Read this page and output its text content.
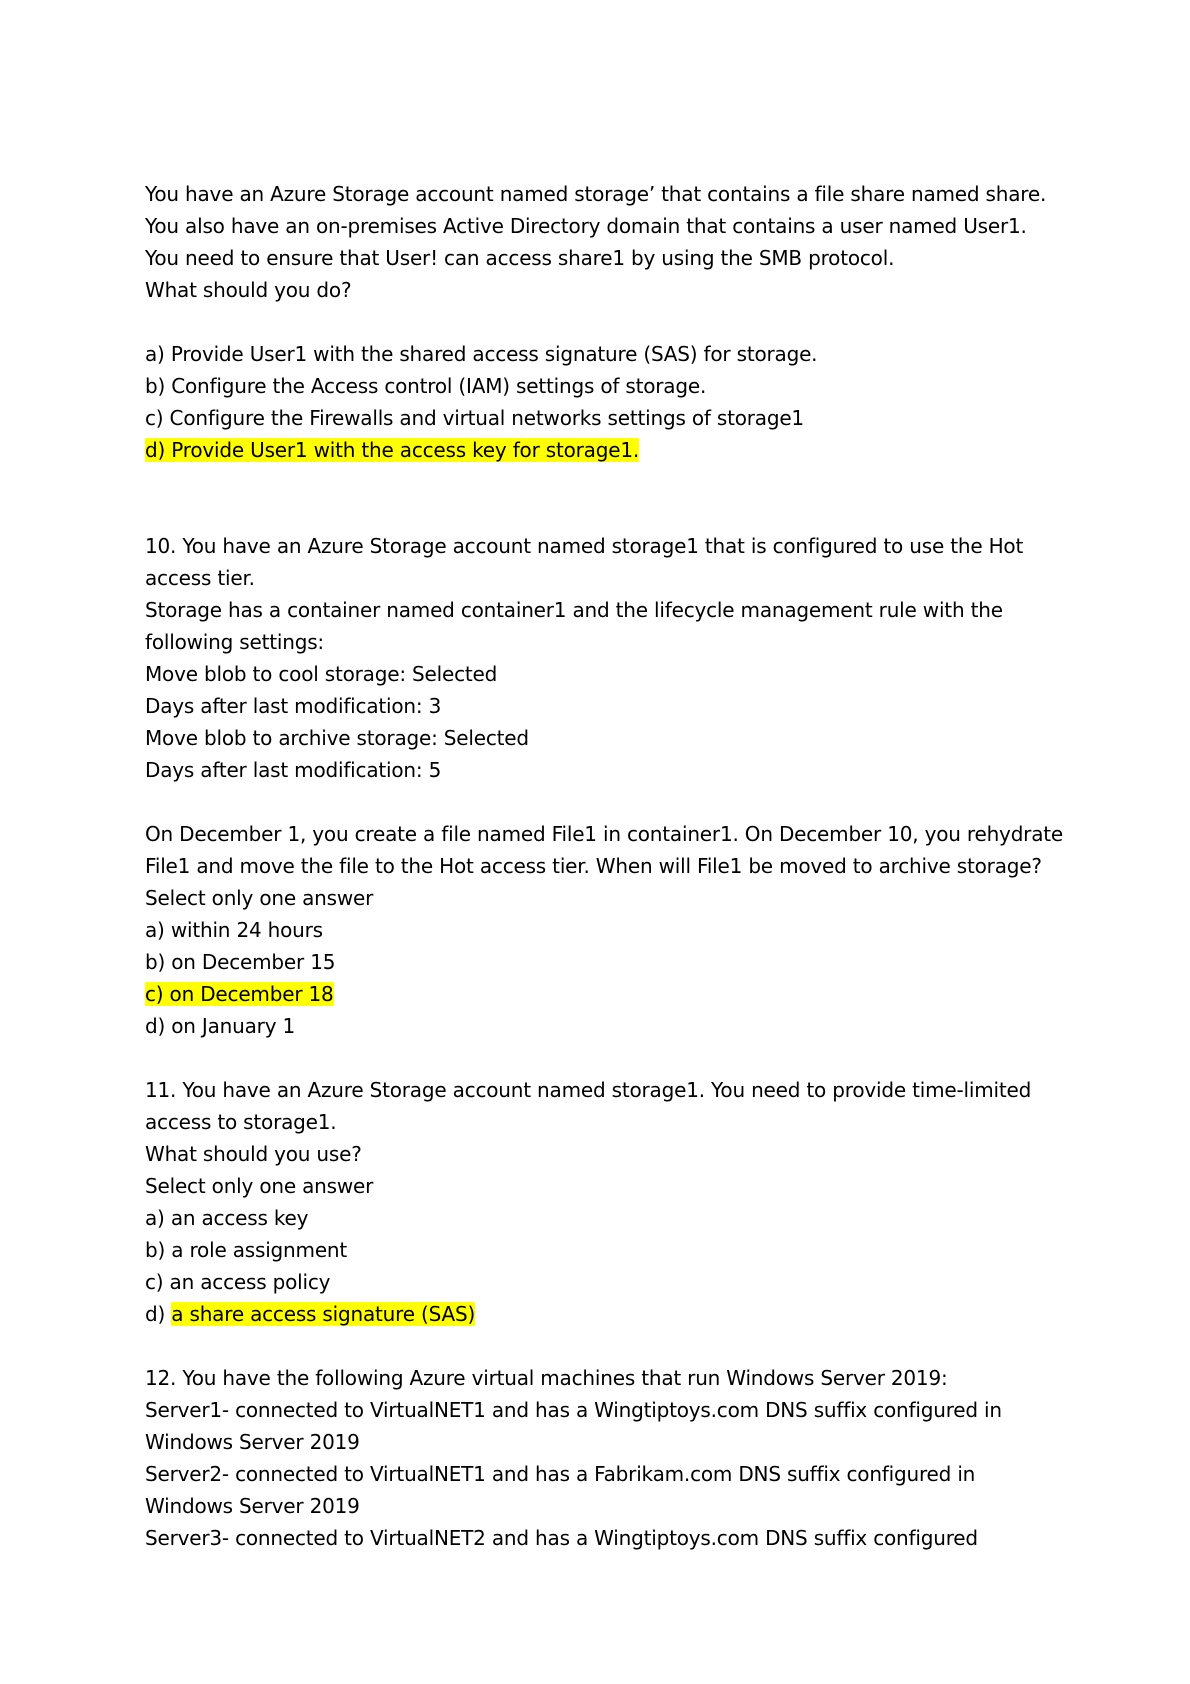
You have an Azure Storage account named storage’ that contains a file share named share.
You also have an on-premises Active Directory domain that contains a user named User1.
You need to ensure that User! can access share1 by using the SMB protocol.
What should you do?
a) Provide User1 with the shared access signature (SAS) for storage.
b) Configure the Access control (IAM) settings of storage.
c) Configure the Firewalls and virtual networks settings of storage1
d) Provide User1 with the access key for storage1.
10. You have an Azure Storage account named storage1 that is configured to use the Hot
access tier.
Storage has a container named container1 and the lifecycle management rule with the
following settings:
Move blob to cool storage: Selected
Days after last modification: 3
Move blob to archive storage: Selected
Days after last modification: 5
On December 1, you create a file named File1 in container1. On December 10, you rehydrate
File1 and move the file to the Hot access tier. When will File1 be moved to archive storage?
Select only one answer
a) within 24 hours
b) on December 15
c) on December 18
d) on January 1
11. You have an Azure Storage account named storage1. You need to provide time-limited
access to storage1.
What should you use?
Select only one answer
a) an access key
b) a role assignment
c) an access policy
d) a share access signature (SAS)
12. You have the following Azure virtual machines that run Windows Server 2019:
Server1- connected to VirtualNET1 and has a Wingtiptoys.com DNS suffix configured in
Windows Server 2019
Server2- connected to VirtualNET1 and has a Fabrikam.com DNS suffix configured in
Windows Server 2019
Server3- connected to VirtualNET2 and has a Wingtiptoys.com DNS suffix configured
